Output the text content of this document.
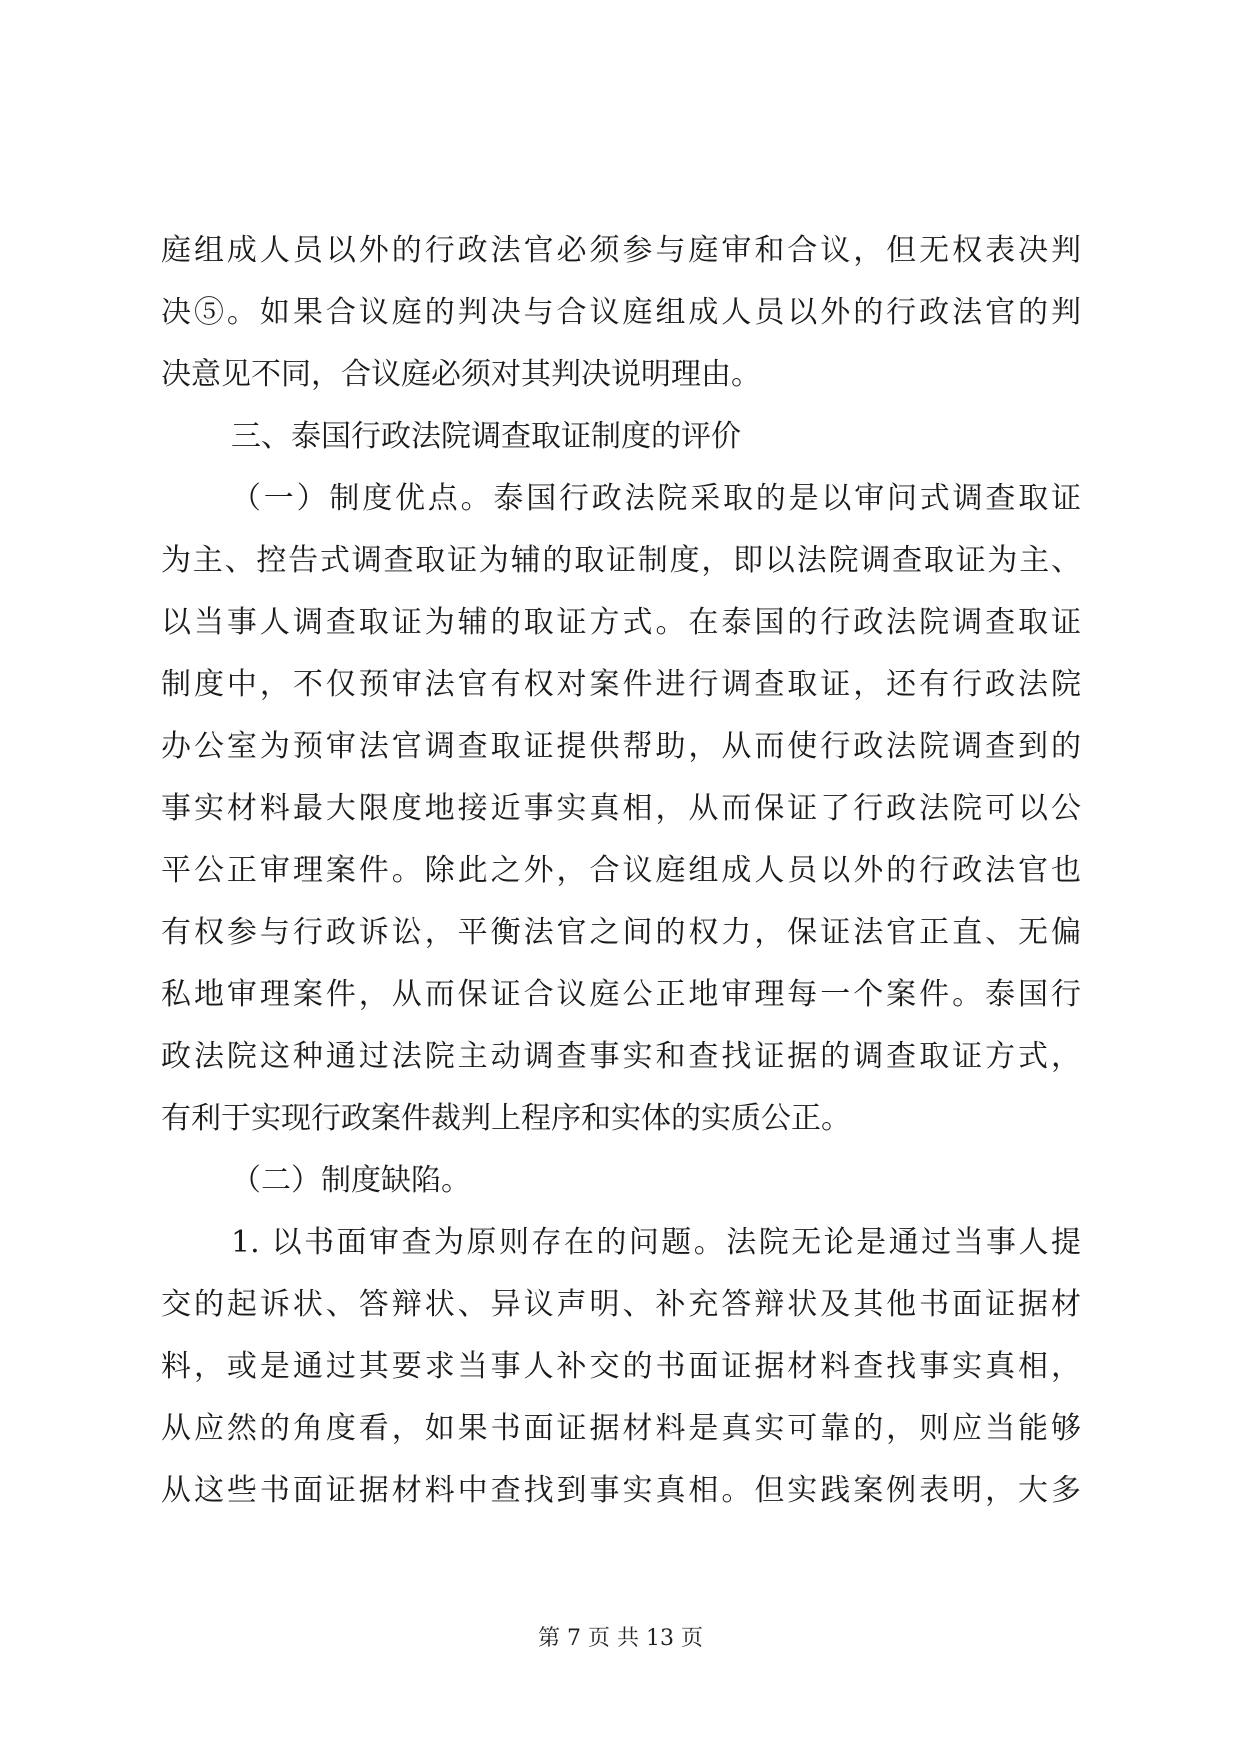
庭组成人员以外的行政法官必须参与庭审和合议，但无权表决判
决⑤。如果合议庭的判决与合议庭组成人员以外的行政法官的判
决意见不同，合议庭必须对其判决说明理由。
三、泰国行政法院调查取证制度的评价
（一）制度优点。泰国行政法院采取的是以审问式调查取证
为主、控告式调查取证为辅的取证制度，即以法院调查取证为主、
以当事人调查取证为辅的取证方式。在泰国的行政法院调查取证
制度中，不仅预审法官有权对案件进行调查取证，还有行政法院
办公室为预审法官调查取证提供帮助，从而使行政法院调查到的
事实材料最大限度地接近事实真相，从而保证了行政法院可以公
平公正审理案件。除此之外，合议庭组成人员以外的行政法官也
有权参与行政诉讼，平衡法官之间的权力，保证法官正直、无偏
私地审理案件，从而保证合议庭公正地审理每一个案件。泰国行
政法院这种通过法院主动调查事实和查找证据的调查取证方式，
有利于实现行政案件裁判上程序和实体的实质公正。
（二）制度缺陷。
1. 以书面审查为原则存在的问题。法院无论是通过当事人提
交的起诉状、答辩状、异议声明、补充答辩状及其他书面证据材
料，或是通过其要求当事人补交的书面证据材料查找事实真相，
从应然的角度看，如果书面证据材料是真实可靠的，则应当能够
从这些书面证据材料中查找到事实真相。但实践案例表明，大多
第 7 页 共 13 页
